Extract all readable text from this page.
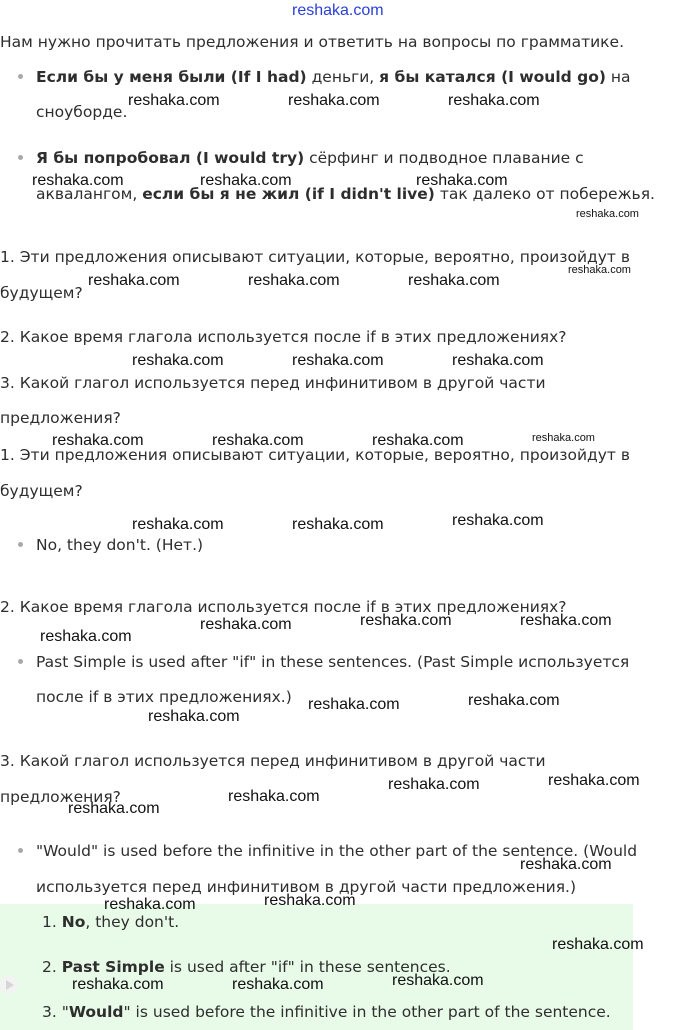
reshaka.com
Нам нужно прочитать предложения и ответить на вопросы по грамматике.
Если бы у меня были (If I had) деньги, я бы катался (I would go) на
сноуборде.
Я бы попробовал (I would try) сёрфинг и подводное плавание с
аквалангом, если бы я не жил (if I didn't live) так далеко от побережья.
1. Эти предложения описывают ситуации, которые, вероятно, произойдут в
будущем?
2. Какое время глагола используется после if в этих предложениях?
3. Какой глагол используется перед инфинитивом в другой части
предложения?
1. Эти предложения описывают ситуации, которые, вероятно, произойдут в
будущем?
No, they don't. (Нет.)
2. Какое время глагола используется после if в этих предложениях?
Past Simple is used after "if" in these sentences. (Past Simple используется
после if в этих предложениях.)
3. Какой глагол используется перед инфинитивом в другой части
предложения?
"Would" is used before the infinitive in the other part of the sentence. (Would
используется перед инфинитивом в другой части предложения.)
1. No, they don't.
2. Past Simple is used after "if" in these sentences.
3. "Would" is used before the infinitive in the other part of the sentence.
reshaka.com	reshaka.com	reshaka.com
reshaka.com	reshaka.com	reshaka.com
reshaka.com
reshaka.com
reshaka.com	reshaka.com	reshaka.com
reshaka.com	reshaka.com	reshaka.com
reshaka.com	reshaka.com	reshaka.com	reshaka.com
reshaka.com	reshaka.com	reshaka.com
reshaka.com
reshaka.com	reshaka.com	reshaka.com
reshaka.com
reshaka.com	reshaka.com
reshaka.com
reshaka.com
reshaka.com	reshaka.com
reshaka.com
reshaka.com	reshaka.com
reshaka.com
reshaka.com	reshaka.com	reshaka.com
